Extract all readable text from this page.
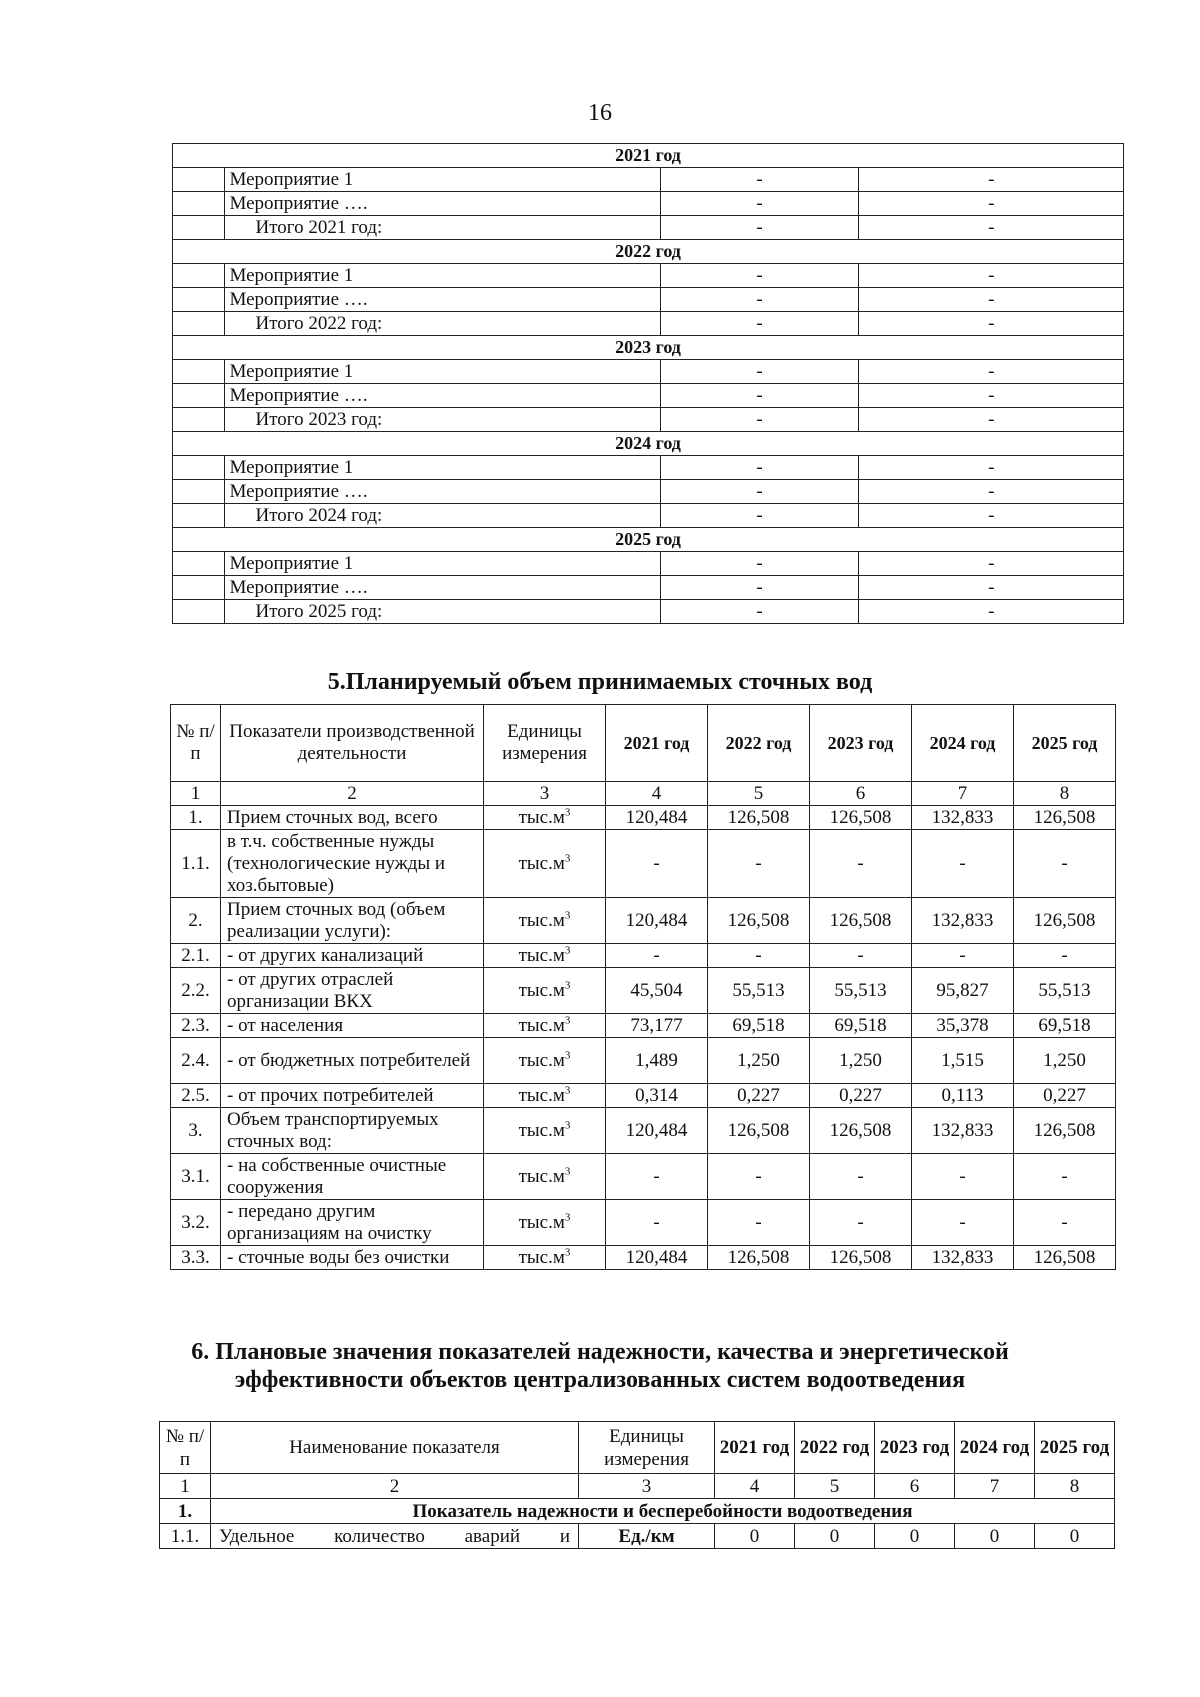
16
2021 год			
	Мероприятие 1	-	-
	Мероприятие ….	-	-
	Итого 2021 год:	-	-
2022 год			
	Мероприятие 1	-	-
	Мероприятие ….	-	-
	Итого 2022 год:	-	-
2023 год			
	Мероприятие 1	-	-
	Мероприятие ….	-	-
	Итого 2023 год:	-	-
2024 год			
	Мероприятие 1	-	-
	Мероприятие ….	-	-
	Итого 2024 год:	-	-
2025 год			
	Мероприятие 1	-	-
	Мероприятие ….	-	-
	Итого 2025 год:	-	-
5.Планируемый объем принимаемых сточных вод
№ п/п	Показатели производственной деятельности	Единицы измерения	2021 год	2022 год	2023 год	2024 год	2025 год
1	2	3	4	5	6	7	8
1.	Прием сточных вод, всего	$тыс.м^3$	120,484	126,508	126,508	132,833	126,508
1.1.	в т.ч. собственные нужды (технологические нужды и хоз.бытовые)	$тыс.м^3$	-	-	-	-	-
2.	Прием сточных вод (объем реализации услуги):	$тыс.м^3$	120,484	126,508	126,508	132,833	126,508
2.1.	- от других канализаций	$тыс.м^3$	-	-	-	-	-
2.2.	- от других отраслей организации ВКХ	$тыс.м^3$	45,504	55,513	55,513	95,827	55,513
2.3.	- от населения	$тыс.м^3$	73,177	69,518	69,518	35,378	69,518
2.4.	- от бюджетных потребителей	$тыс.м^3$	1,489	1,250	1,250	1,515	1,250
2.5.	- от прочих потребителей	$тыс.м^3$	0,314	0,227	0,227	0,113	0,227
3.	Объем транспортируемых сточных вод:	$тыс.м^3$	120,484	126,508	126,508	132,833	126,508
3.1.	- на собственные очистные сооружения	$тыс.м^3$	-	-	-	-	-
3.2.	- передано другим организациям на очистку	$тыс.м^3$	-	-	-	-	-
3.3.	- сточные воды без очистки	$тыс.м^3$	120,484	126,508	126,508	132,833	126,508
6. Плановые значения показателей надежности, качества и энергетической
эффективности объектов централизованных систем водоотведения
№ п/п	Наименование показателя	Единицы измерения	2021 год	2022 год	2023 год	2024 год	2025 год
1	2	3	4	5	6	7	8
1.	Показатель надежности и бесперебойности водоотведения						
1.1.	Удельное количество аварий и	Ед./км	0	0	0	0	0
